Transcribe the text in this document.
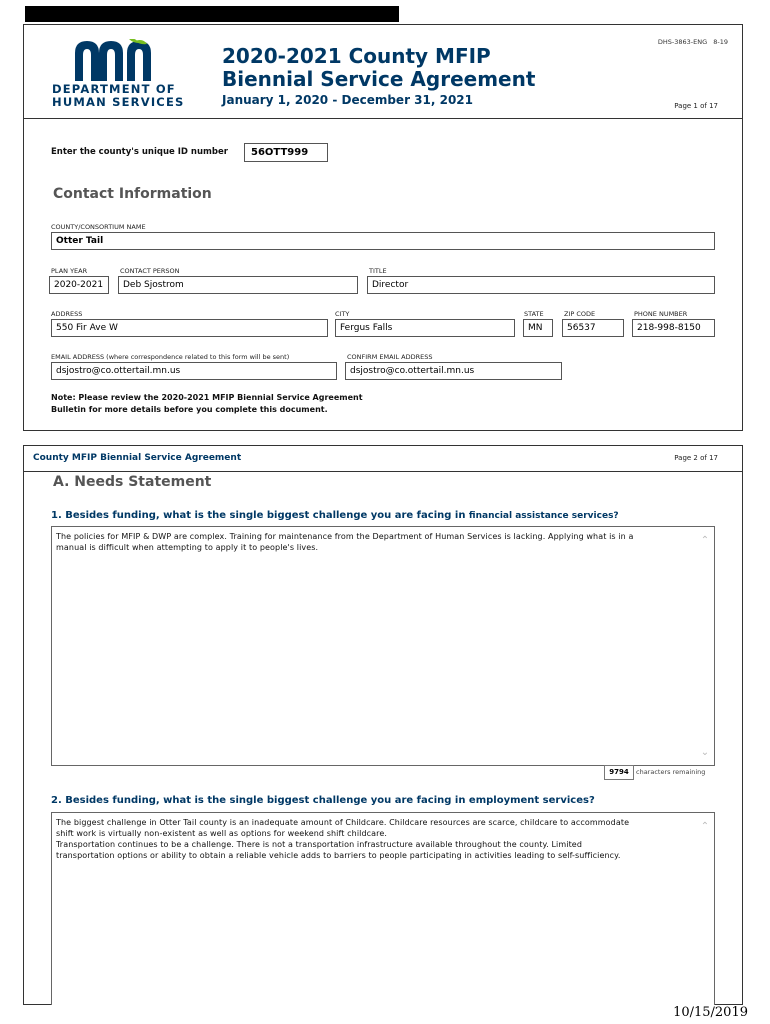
DEPARTMENT OF
HUMAN SERVICES
2020-2021 County MFIP
Biennial Service Agreement
January 1, 2020 - December 31, 2021
DHS-3863-ENG 8-19
Page 1 of 17
Enter the county's unique ID number	56OTT999
Contact Information
COUNTY/CONSORTIUM NAME
Otter Tail
PLAN YEAR
2020-2021
CONTACT PERSON
Deb Sjostrom
TITLE
Director
ADDRESS
550 Fir Ave W
CITY
Fergus Falls
STATE
MN
ZIP CODE
56537
PHONE NUMBER
218-998-8150
EMAIL ADDRESS (where correspondence related to this form will be sent)
dsjostro@co.ottertail.mn.us
CONFIRM EMAIL ADDRESS
dsjostro@co.ottertail.mn.us
Note: Please review the 2020-2021 MFIP Biennial Service Agreement
Bulletin for more details before you complete this document.
County MFIP Biennial Service Agreement	Page 2 of 17
A. Needs Statement
1. Besides funding, what is the single biggest challenge you are facing in financial assistance services?
The policies for MFIP & DWP are complex. Training for maintenance from the Department of Human Services is lacking. Applying what is in a
manual is difficult when attempting to apply it to people's lives.
⌃
⌄
9794	characters remaining
2. Besides funding, what is the single biggest challenge you are facing in employment services?
The biggest challenge in Otter Tail county is an inadequate amount of Childcare. Childcare resources are scarce, childcare to accommodate
shift work is virtually non-existent as well as options for weekend shift childcare.
Transportation continues to be a challenge. There is not a transportation infrastructure available throughout the county. Limited
transportation options or ability to obtain a reliable vehicle adds to barriers to people participating in activities leading to self-sufficiency.
⌃
10/15/2019
